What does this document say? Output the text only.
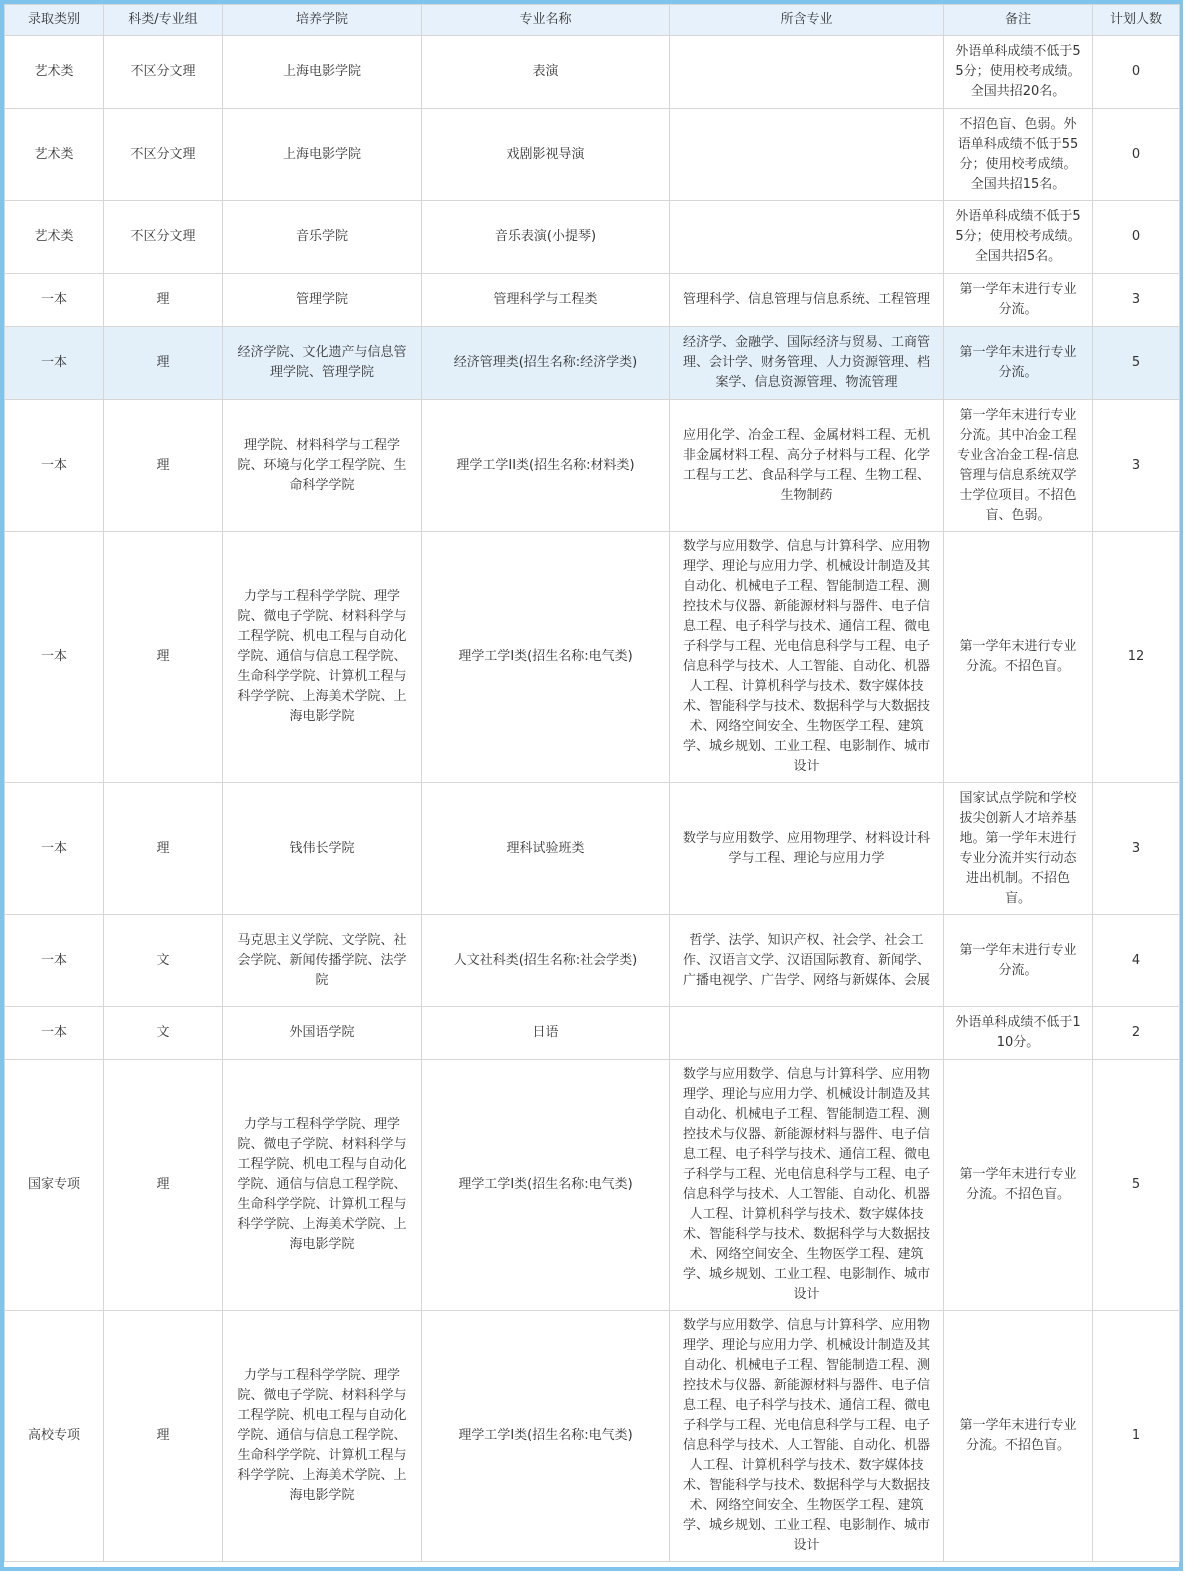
录取类别	科类/专业组	培养学院	专业名称	所含专业	备注	计划人数
艺术类	不区分文理	上海电影学院	表演		外语单科成绩不低于55分；使用校考成绩。全国共招20名。	0
艺术类	不区分文理	上海电影学院	戏剧影视导演		不招色盲、色弱。外语单科成绩不低于55分；使用校考成绩。全国共招15名。	0
艺术类	不区分文理	音乐学院	音乐表演(小提琴)		外语单科成绩不低于55分；使用校考成绩。全国共招5名。	0
一本	理	管理学院	管理科学与工程类	管理科学、信息管理与信息系统、工程管理	第一学年末进行专业分流。	3
一本	理	经济学院、文化遗产与信息管理学院、管理学院	经济管理类(招生名称:经济学类)	经济学、金融学、国际经济与贸易、工商管理、会计学、财务管理、人力资源管理、档案学、信息资源管理、物流管理	第一学年末进行专业分流。	5
一本	理	理学院、材料科学与工程学院、环境与化学工程学院、生命科学学院	理学工学II类(招生名称:材料类)	应用化学、冶金工程、金属材料工程、无机非金属材料工程、高分子材料与工程、化学工程与工艺、食品科学与工程、生物工程、生物制药	第一学年末进行专业分流。其中冶金工程专业含冶金工程-信息管理与信息系统双学士学位项目。不招色盲、色弱。	3
一本	理	力学与工程科学学院、理学院、微电子学院、材料科学与工程学院、机电工程与自动化学院、通信与信息工程学院、生命科学学院、计算机工程与科学学院、上海美术学院、上海电影学院	理学工学I类(招生名称:电气类)	数学与应用数学、信息与计算科学、应用物理学、理论与应用力学、机械设计制造及其自动化、机械电子工程、智能制造工程、测控技术与仪器、新能源材料与器件、电子信息工程、电子科学与技术、通信工程、微电子科学与工程、光电信息科学与工程、电子信息科学与技术、人工智能、自动化、机器人工程、计算机科学与技术、数字媒体技术、智能科学与技术、数据科学与大数据技术、网络空间安全、生物医学工程、建筑学、城乡规划、工业工程、电影制作、城市设计	第一学年末进行专业分流。不招色盲。	12
一本	理	钱伟长学院	理科试验班类	数学与应用数学、应用物理学、材料设计科学与工程、理论与应用力学	国家试点学院和学校拔尖创新人才培养基地。第一学年末进行专业分流并实行动态进出机制。不招色盲。	3
一本	文	马克思主义学院、文学院、社会学院、新闻传播学院、法学院	人文社科类(招生名称:社会学类)	哲学、法学、知识产权、社会学、社会工作、汉语言文学、汉语国际教育、新闻学、广播电视学、广告学、网络与新媒体、会展	第一学年末进行专业分流。	4
一本	文	外国语学院	日语		外语单科成绩不低于110分。	2
国家专项	理	力学与工程科学学院、理学院、微电子学院、材料科学与工程学院、机电工程与自动化学院、通信与信息工程学院、生命科学学院、计算机工程与科学学院、上海美术学院、上海电影学院	理学工学I类(招生名称:电气类)	数学与应用数学、信息与计算科学、应用物理学、理论与应用力学、机械设计制造及其自动化、机械电子工程、智能制造工程、测控技术与仪器、新能源材料与器件、电子信息工程、电子科学与技术、通信工程、微电子科学与工程、光电信息科学与工程、电子信息科学与技术、人工智能、自动化、机器人工程、计算机科学与技术、数字媒体技术、智能科学与技术、数据科学与大数据技术、网络空间安全、生物医学工程、建筑学、城乡规划、工业工程、电影制作、城市设计	第一学年末进行专业分流。不招色盲。	5
高校专项	理	力学与工程科学学院、理学院、微电子学院、材料科学与工程学院、机电工程与自动化学院、通信与信息工程学院、生命科学学院、计算机工程与科学学院、上海美术学院、上海电影学院	理学工学I类(招生名称:电气类)	数学与应用数学、信息与计算科学、应用物理学、理论与应用力学、机械设计制造及其自动化、机械电子工程、智能制造工程、测控技术与仪器、新能源材料与器件、电子信息工程、电子科学与技术、通信工程、微电子科学与工程、光电信息科学与工程、电子信息科学与技术、人工智能、自动化、机器人工程、计算机科学与技术、数字媒体技术、智能科学与技术、数据科学与大数据技术、网络空间安全、生物医学工程、建筑学、城乡规划、工业工程、电影制作、城市设计	第一学年末进行专业分流。不招色盲。	1
